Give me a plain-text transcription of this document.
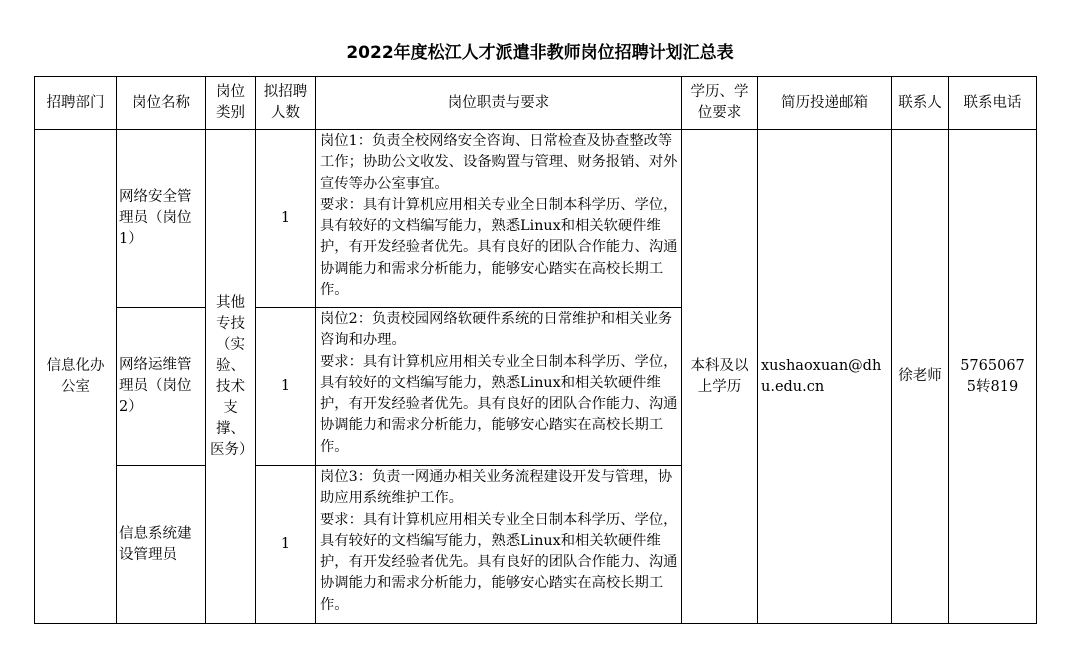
2022年度松江人才派遣非教师岗位招聘计划汇总表
招聘部门	岗位名称	岗位类别	拟招聘人数	岗位职责与要求	学历、学位要求	简历投递邮箱	联系人	联系电话
信息化办公室	网络安全管理员（岗位1）	其他专技（实验、技术支撑、医务）	1	岗位1：负责全校网络安全咨询、日常检查及协查整改等工作；协助公文收发、设备购置与管理、财务报销、对外宣传等办公室事宜。
要求：具有计算机应用相关专业全日制本科学历、学位，具有较好的文档编写能力，熟悉Linux和相关软硬件维护，有开发经验者优先。具有良好的团队合作能力、沟通协调能力和需求分析能力，能够安心踏实在高校长期工作。	本科及以上学历	xushaoxuan@dhu.edu.cn	徐老师	57650675转819
	网络运维管理员（岗位2）		1	岗位2：负责校园网络软硬件系统的日常维护和相关业务咨询和办理。
要求：具有计算机应用相关专业全日制本科学历、学位，具有较好的文档编写能力，熟悉Linux和相关软硬件维护，有开发经验者优先。具有良好的团队合作能力、沟通协调能力和需求分析能力，能够安心踏实在高校长期工作。				
	信息系统建设管理员		1	岗位3：负责一网通办相关业务流程建设开发与管理，协助应用系统维护工作。
要求：具有计算机应用相关专业全日制本科学历、学位，具有较好的文档编写能力，熟悉Linux和相关软硬件维护，有开发经验者优先。具有良好的团队合作能力、沟通协调能力和需求分析能力，能够安心踏实在高校长期工作。				
